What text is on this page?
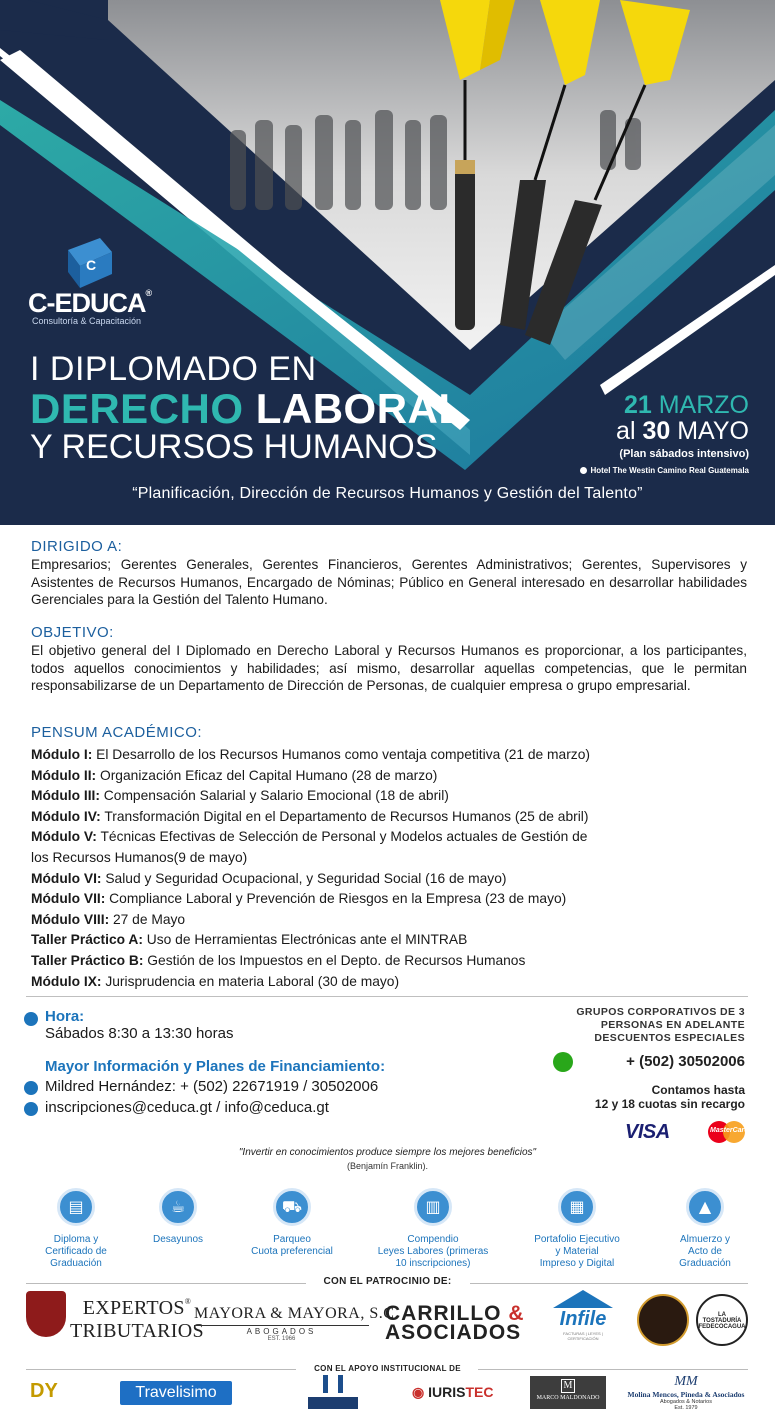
C
C-EDUCA®
Consultoría & Capacitación
I DIPLOMADO EN
DERECHO LABORAL
Y RECURSOS HUMANOS
21 MARZO
al 30 MAYO
(Plan sábados intensivo)
Hotel The Westin Camino Real Guatemala
“Planificación, Dirección de Recursos Humanos y Gestión del Talento”
DIRIGIDO A:
Empresarios; Gerentes Generales, Gerentes Financieros, Gerentes Administrativos; Gerentes, Supervisores y Asistentes de Recursos Humanos, Encargado de Nóminas; Público en General interesado en desarrollar habilidades Gerenciales para la Gestión del Talento Humano.
OBJETIVO:
El objetivo general del I Diplomado en Derecho Laboral y Recursos Humanos es proporcionar, a los participantes, todos aquellos conocimientos y habilidades; así mismo, desarrollar aquellas competencias, que le permitan responsabilizarse de un Departamento de Dirección de Personas, de cualquier empresa o grupo empresarial.
PENSUM ACADÉMICO:
Módulo I: El Desarrollo de los Recursos Humanos como ventaja competitiva (21 de marzo)
Módulo II: Organización Eficaz del Capital Humano (28 de marzo)
Módulo III: Compensación Salarial y Salario Emocional (18 de abril)
Módulo IV: Transformación Digital en el Departamento de Recursos Humanos (25 de abril)
Módulo V: Técnicas Efectivas de Selección de Personal y Modelos actuales de Gestión de
los Recursos Humanos(9 de mayo)
Módulo VI: Salud y Seguridad Ocupacional, y Seguridad Social (16 de mayo)
Módulo VII: Compliance Laboral y Prevención de Riesgos en la Empresa (23 de mayo)
Módulo VIII: 27 de Mayo
Taller Práctico A: Uso de Herramientas Electrónicas ante el MINTRAB
Taller Práctico B: Gestión de los Impuestos en el Depto. de Recursos Humanos
Módulo IX: Jurisprudencia en materia Laboral (30 de mayo)
Hora:
Sábados 8:30 a 13:30 horas
Mayor Información y Planes de Financiamiento:
Mildred Hernández: + (502) 22671919 / 30502006
inscripciones@ceduca.gt / info@ceduca.gt
GRUPOS CORPORATIVOS DE 3
PERSONAS EN ADELANTE
DESCUENTOS ESPECIALES
+ (502) 30502006
Contamos hasta
12 y 18 cuotas sin recargo
VISA	MasterCard
"Invertir en conocimientos produce siempre los mejores beneficios"
(Benjamín Franklin).
▤
Diploma y
Certificado de
Graduación
☕
Desayunos
⛟
Parqueo
Cuota preferencial
▥
Compendio
Leyes Labores (primeras
10 inscripciones)
▦
Portafolio Ejecutivo
y Material
Impreso y Digital
▲
Almuerzo y
Acto de
Graduación
CON EL PATROCINIO DE:
EXPERTOS®
TRIBUTARIOS
MAYORA & MAYORA, S.C.
ABOGADOS
EST. 1966
CARRILLO &
ASOCIADOS
Infile
FACTURAS | LEYES | CERTIFICACIÓN
LA TOSTADURÍA FEDECOCAGUA
CON EL APOYO INSTITUCIONAL DE
DY	Travelisimo	◉ IURISTEC	M
MARCO MALDONADO
MM
Molina Mencos, Pineda & Asociados
Abogados & Notarios
Est. 1979
